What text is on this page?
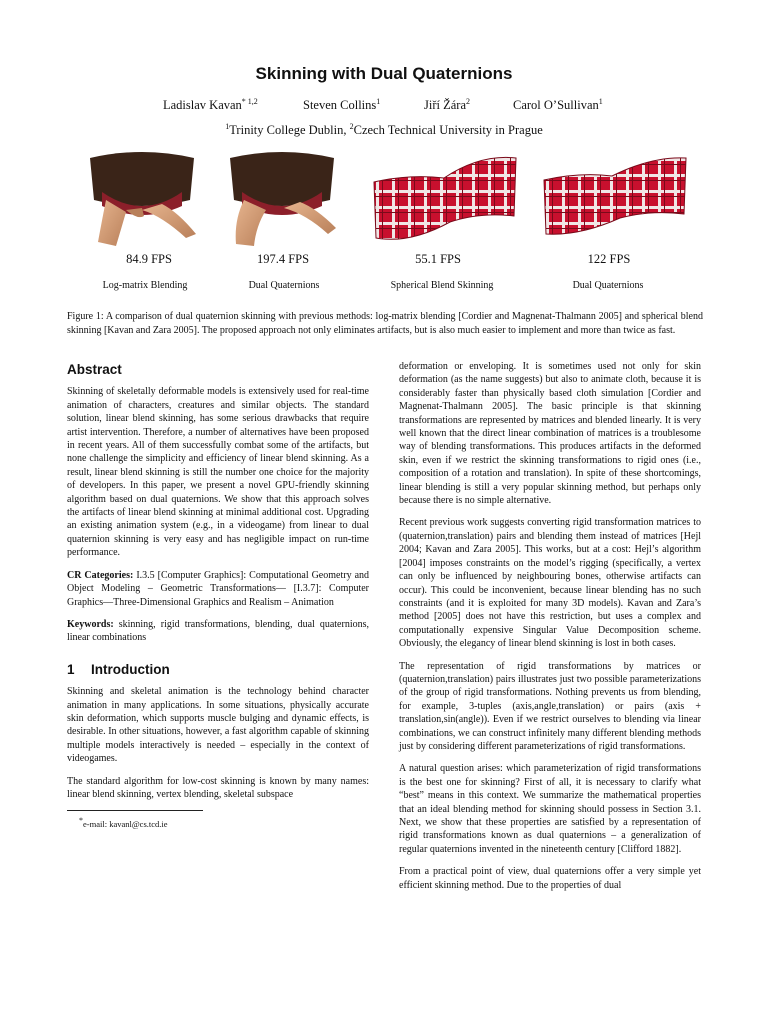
Skinning with Dual Quaternions
Ladislav Kavan$^{* 1,2}$	Steven Collins$^1$	Jiří Žára$^2$	Carol O’Sullivan$^1$
$^1$Trinity College Dublin, $^2$Czech Technical University in Prague
84.9 FPS	197.4 FPS	55.1 FPS	122 FPS
Log-matrix Blending	Dual Quaternions	Spherical Blend Skinning	Dual Quaternions
Figure 1: A comparison of dual quaternion skinning with previous methods: log-matrix blending [Cordier and Magnenat-Thalmann 2005] and spherical blend skinning [Kavan and Zara 2005]. The proposed approach not only eliminates artifacts, but is also much easier to implement and more than twice as fast.
Abstract

Skinning of skeletally deformable models is extensively used for real-time animation of characters, creatures and similar objects. The standard solution, linear blend skinning, has some serious drawbacks that require artist intervention. Therefore, a number of alternatives have been proposed in recent years. All of them successfully combat some of the artifacts, but none challenge the simplicity and efficiency of linear blend skinning. As a result, linear blend skinning is still the number one choice for the majority of developers. In this paper, we present a novel GPU-friendly skinning algorithm based on dual quaternions. We show that this approach solves the artifacts of linear blend skinning at minimal additional cost. Upgrading an existing animation system (e.g., in a videogame) from linear to dual quaternion skinning is very easy and has negligible impact on run-time performance.

CR Categories: I.3.5 [Computer Graphics]: Computational Geometry and Object Modeling – Geometric Transformations— [I.3.7]: Computer Graphics—Three-Dimensional Graphics and Realism – Animation

Keywords: skinning, rigid transformations, blending, dual quaternions, linear combinations

1 Introduction

Skinning and skeletal animation is the technology behind character animation in many applications. In some situations, physically accurate skin deformation, which supports muscle bulging and dynamic effects, is desirable. In other situations, however, a fast algorithm capable of skinning multiple models interactively is needed – especially in the context of videogames.

The standard algorithm for low-cost skinning is known by many names: linear blend skinning, vertex blending, skeletal subspace

*e-mail: kavanl@cs.tcd.ie

deformation or enveloping. It is sometimes used not only for skin deformation (as the name suggests) but also to animate cloth, because it is considerably faster than physically based cloth simulation [Cordier and Magnenat-Thalmann 2005]. The basic principle is that skinning transformations are represented by matrices and blended linearly. It is very well known that the direct linear combination of matrices is a troublesome way of blending transformations. This produces artifacts in the deformed skin, even if we restrict the skinning transformations to rigid ones (i.e., composition of a rotation and translation). In spite of these shortcomings, linear blending is still a very popular skinning method, but perhaps only because there is no simple alternative.

Recent previous work suggests converting rigid transformation matrices to (quaternion,translation) pairs and blending them instead of matrices [Hejl 2004; Kavan and Zara 2005]. This works, but at a cost: Hejl’s algorithm [2004] imposes constraints on the model’s rigging (specifically, a vertex can only be influenced by neighbouring bones, otherwise artifacts can occur). This could be inconvenient, because linear blending has no such constraints (and it is exploited for many 3D models). Kavan and Zara’s method [2005] does not have this restriction, but uses a complex and computationally expensive Singular Value Decomposition scheme. Obviously, the elegancy of linear blend skinning is lost in both cases.

The representation of rigid transformations by matrices or (quaternion,translation) pairs illustrates just two possible parameterizations of the group of rigid transformations. Nothing prevents us from blending, for example, 3-tuples (axis,angle,translation) or pairs (axis + translation,sin(angle)). Even if we restrict ourselves to blending via linear combinations, we can construct infinitely many different blending methods just by considering different parameterizations of rigid transformations.

A natural question arises: which parameterization of rigid transformations is the best one for skinning? First of all, it is necessary to clarify what “best” means in this context. We summarize the mathematical properties that an ideal blending method for skinning should possess in Section 3.1. Next, we show that these properties are satisfied by a representation of rigid transformations known as dual quaternions – a generalization of regular quaternions invented in the nineteenth century [Clifford 1882].

From a practical point of view, dual quaternions offer a very simple yet efficient skinning method. Due to the properties of dual
